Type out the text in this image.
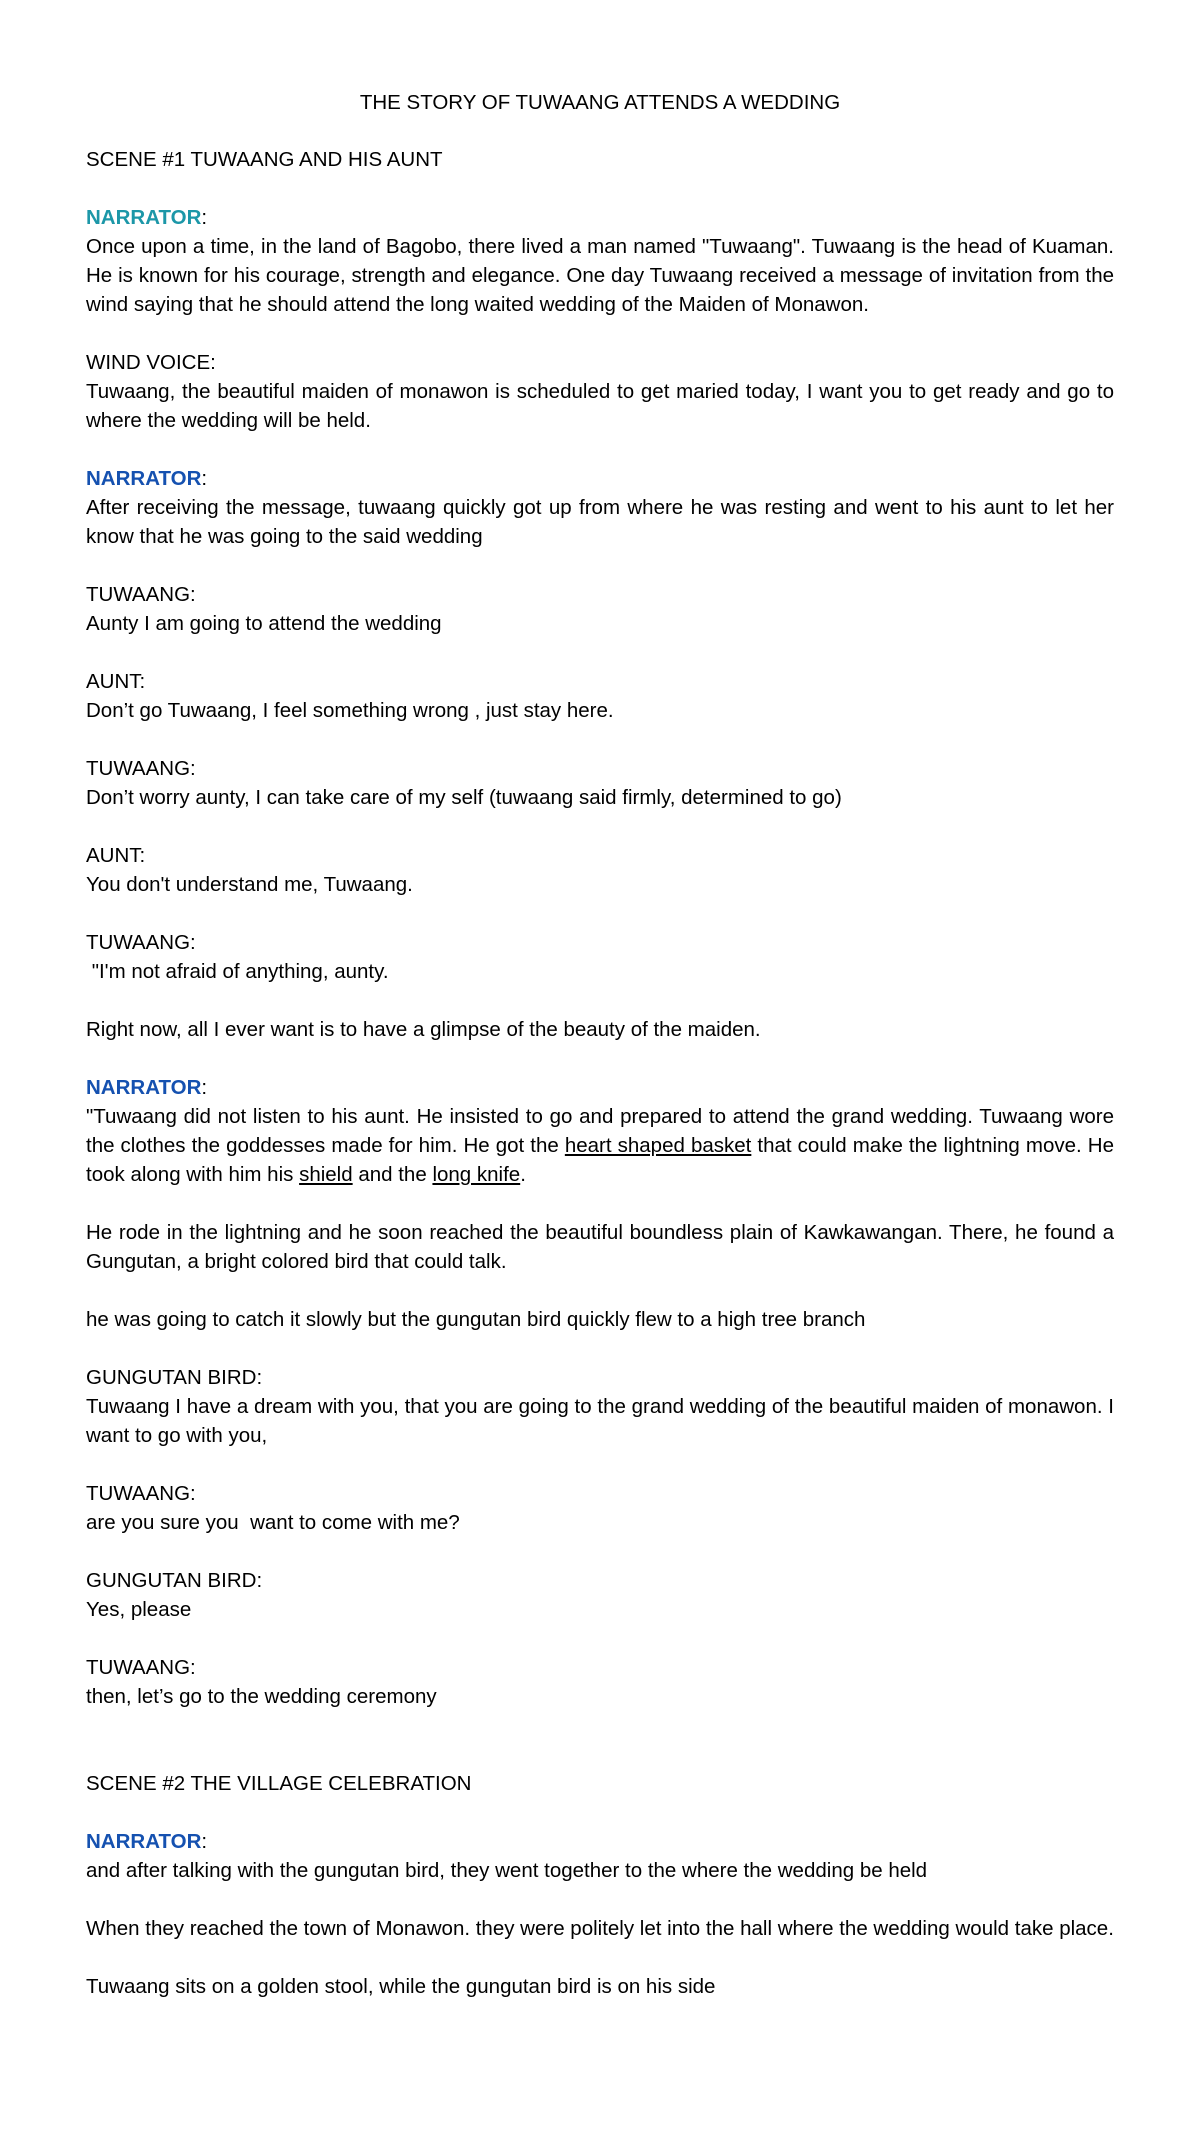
THE STORY OF TUWAANG ATTENDS A WEDDING
SCENE #1 TUWAANG AND HIS AUNT
NARRATOR:
Once upon a time, in the land of Bagobo, there lived a man named "Tuwaang". Tuwaang is the head of Kuaman. He is known for his courage, strength and elegance. One day Tuwaang received a message of invitation from the wind saying that he should attend the long waited wedding of the Maiden of Monawon.
WIND VOICE:
Tuwaang, the beautiful maiden of monawon is scheduled to get maried today, I want you to get ready and go to where the wedding will be held.
NARRATOR:
After receiving the message, tuwaang quickly got up from where he was resting and went to his aunt to let her know that he was going to the said wedding
TUWAANG:
Aunty I am going to attend the wedding
AUNT:
Don’t go Tuwaang, I feel something wrong , just stay here.
TUWAANG:
Don’t worry aunty, I can take care of my self (tuwaang said firmly, determined to go)
AUNT:
You don't understand me, Tuwaang.
TUWAANG:
"I'm not afraid of anything, aunty.
Right now, all I ever want is to have a glimpse of the beauty of the maiden.
NARRATOR:
"Tuwaang did not listen to his aunt. He insisted to go and prepared to attend the grand wedding. Tuwaang wore the clothes the goddesses made for him. He got the heart shaped basket that could make the lightning move. He took along with him his shield and the long knife.
He rode in the lightning and he soon reached the beautiful boundless plain of Kawkawangan. There, he found a Gungutan, a bright colored bird that could talk.
he was going to catch it slowly but the gungutan bird quickly flew to a high tree branch
GUNGUTAN BIRD:
Tuwaang I have a dream with you, that you are going to the grand wedding of the beautiful maiden of monawon. I want to go with you,
TUWAANG:
are you sure you  want to come with me?
GUNGUTAN BIRD:
Yes, please
TUWAANG:
then, let’s go to the wedding ceremony
SCENE #2 THE VILLAGE CELEBRATION
NARRATOR:
and after talking with the gungutan bird, they went together to the where the wedding be held
When they reached the town of Monawon. they were politely let into the hall where the wedding would take place.
Tuwaang sits on a golden stool, while the gungutan bird is on his side
